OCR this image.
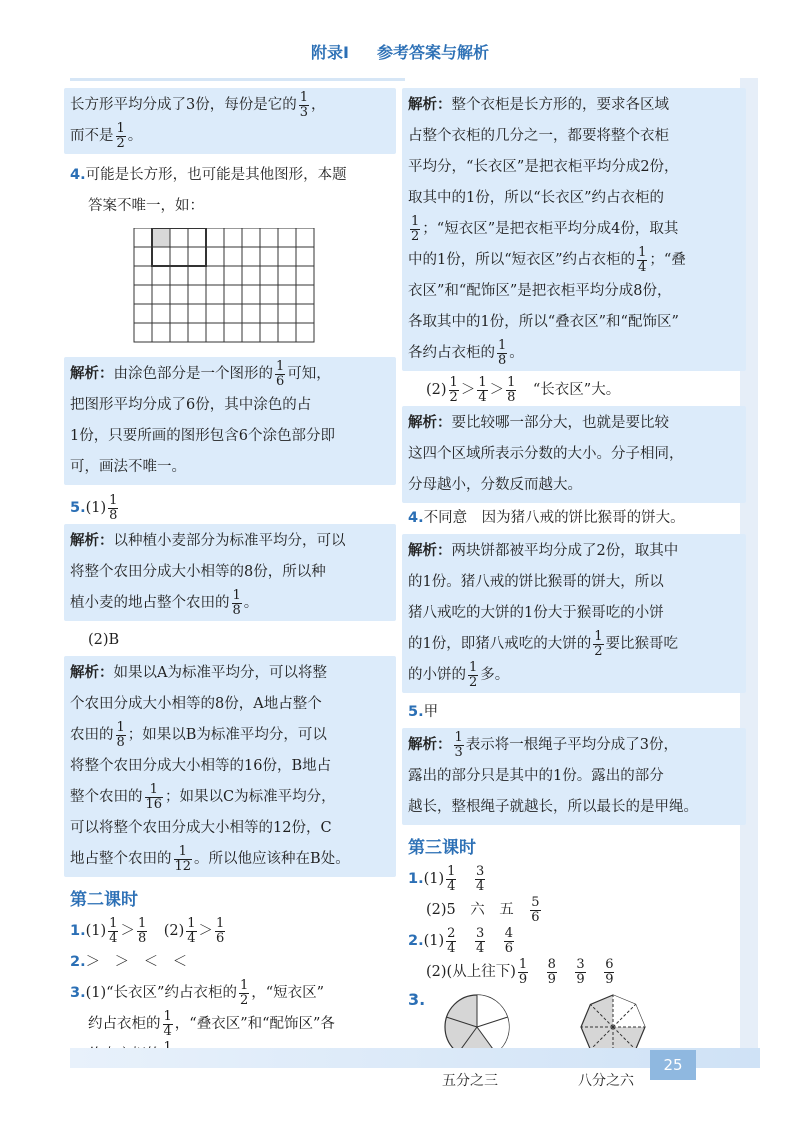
附录Ⅰ 参考答案与解析

长方形平均分成了3份，每份是它的 $\frac{1}{3}$ ，

而不是 $\frac{1}{2}$ 。

4.可能是长方形，也可能是其他图形，本题

答案不唯一，如：

解析：由涂色部分是一个图形的 $\frac{1}{6}$ 可知，

把图形平均分成了6份，其中涂色的占

1份，只要所画的图形包含6个涂色部分即

可，画法不唯一。

$5.(1) \frac{1}{8}$

解析：以种植小麦部分为标准平均分，可以

将整个农田分成大小相等的8份，所以种

植小麦的地占整个农田的 $\frac{1}{8}$ 。

(2)B

解析：如果以A为标准平均分，可以将整

个农田分成大小相等的8份，A地占整个

农田的 $\frac{1}{8}$ ；如果以B为标准平均分，可以

将整个农田分成大小相等的16份，B地占

整个农田的 $\frac{1}{16}$ ；如果以C为标准平均分，

可以将整个农田分成大小相等的12份，C

地占整个农田的 $\frac{1}{12}$ 。所以他应该种在B处。

第二课时

$1.(1) \frac{1}{4} > \frac{1}{8}$
　 $(2) \frac{1}{4} > \frac{1}{6}$

2.＞　＞　＜　＜

3.(1)“长衣区”约占衣柜的 $\frac{1}{2}$ ，“短衣区”

约占衣柜的 $\frac{1}{4}$ ，“叠衣区”和“配饰区”各

解析：整个衣柜是长方形的，要求各区域

占整个衣柜的几分之一，都要将整个衣柜

平均分，“长衣区”是把衣柜平均分成2份，

取其中的1份，所以“长衣区”约占衣柜的

$\frac{1}{2}$ ；“短衣区”是把衣柜平均分成4份，取其

中的1份，所以“短衣区”约占衣柜的 $\frac{1}{4}$ ；“叠

衣区”和“配饰区”是把衣柜平均分成8份，

各取其中的1份，所以“叠衣区”和“配饰区”

各约占衣柜的 $\frac{1}{8}$ 。

$(2) \frac{1}{2} > \frac{1}{4} > \frac{1}{8}$
　 “长衣区”大。

解析：要比较哪一部分大，也就是要比较

这四个区域所表示分数的大小。分子相同，

分母越小，分数反而越大。

4.不同意　因为猪八戒的饼比猴哥的饼大。

解析：两块饼都被平均分成了2份，取其中

的1份。猪八戒的饼比猴哥的饼大，所以

猪八戒吃的大饼的1份大于猴哥吃的小饼

的1份，即猪八戒吃的大饼的 $\frac{1}{2}$ 要比猴哥吃

的小饼的 $\frac{1}{2}$ 多。

5.甲

解析： $\frac{1}{3}$ 表示将一根绳子平均分成了3份，

露出的部分只是其中的1份。露出的部分

越长，整根绳子就越长，所以最长的是甲绳。

第三课时

$1.(1) \frac{1}{4}$
　 $\frac{3}{4}$

(2)5　六　五　 $\frac{5}{6}$

$2.(1) \frac{2}{4}$
　 $\frac{3}{4}$
　 $\frac{4}{6}$

(2)(从上往下) $\frac{1}{9}$
　 $\frac{8}{9}$
　 $\frac{3}{9}$
　 $\frac{6}{9}$

3.
五分之三	八分之六
25
